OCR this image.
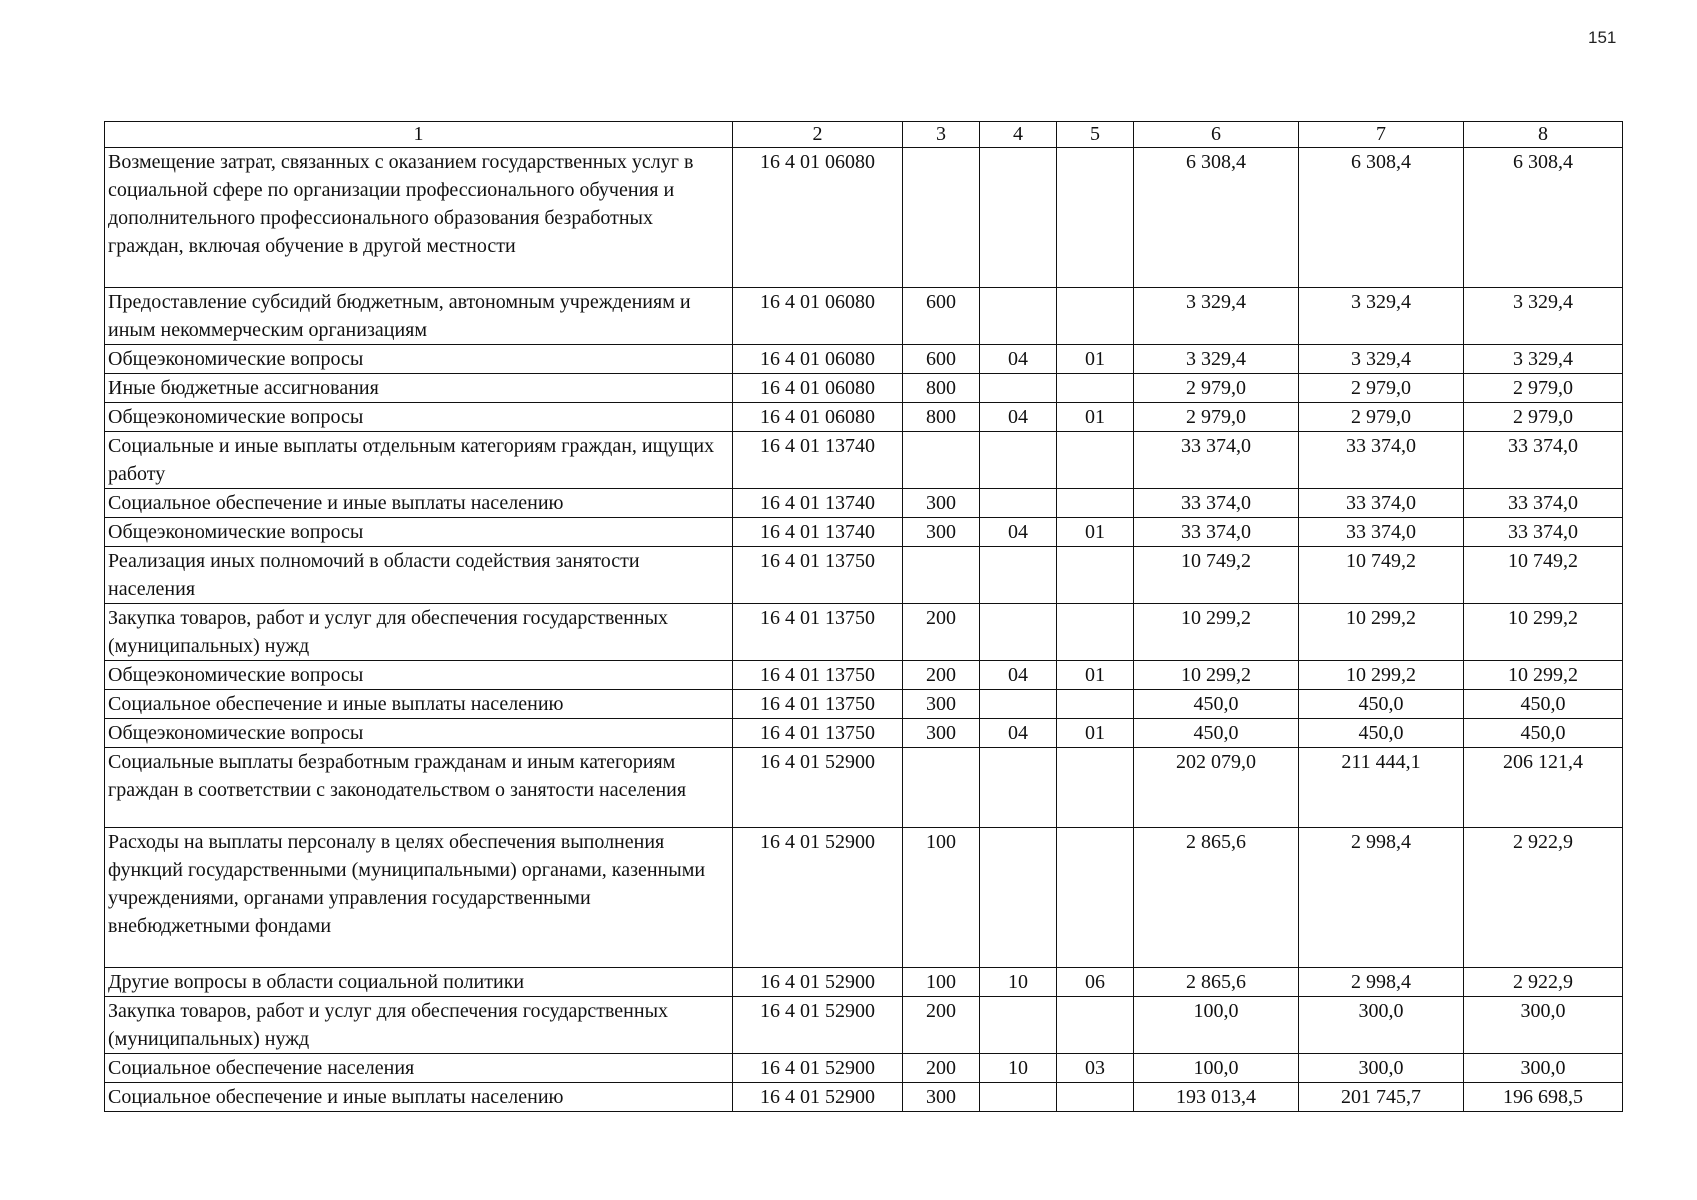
151
1	2	3	4	5	6	7	8
Возмещение затрат, связанных с оказанием государственных услуг в социальной сфере по организации профессионального обучения и дополнительного профессионального образования безработных граждан, включая обучение в другой местности	16 4 01 06080				6 308,4	6 308,4	6 308,4
Предоставление субсидий бюджетным, автономным учреждениям и иным некоммерческим организациям	16 4 01 06080	600			3 329,4	3 329,4	3 329,4
Общеэкономические вопросы	16 4 01 06080	600	04	01	3 329,4	3 329,4	3 329,4
Иные бюджетные ассигнования	16 4 01 06080	800			2 979,0	2 979,0	2 979,0
Общеэкономические вопросы	16 4 01 06080	800	04	01	2 979,0	2 979,0	2 979,0
Социальные и иные выплаты отдельным категориям граждан, ищущих работу	16 4 01 13740				33 374,0	33 374,0	33 374,0
Социальное обеспечение и иные выплаты населению	16 4 01 13740	300			33 374,0	33 374,0	33 374,0
Общеэкономические вопросы	16 4 01 13740	300	04	01	33 374,0	33 374,0	33 374,0
Реализация иных полномочий в области содействия занятости населения	16 4 01 13750				10 749,2	10 749,2	10 749,2
Закупка товаров, работ и услуг для обеспечения государственных (муниципальных) нужд	16 4 01 13750	200			10 299,2	10 299,2	10 299,2
Общеэкономические вопросы	16 4 01 13750	200	04	01	10 299,2	10 299,2	10 299,2
Социальное обеспечение и иные выплаты населению	16 4 01 13750	300			450,0	450,0	450,0
Общеэкономические вопросы	16 4 01 13750	300	04	01	450,0	450,0	450,0
Социальные выплаты безработным гражданам и иным категориям граждан в соответствии с законодательством о занятости населения	16 4 01 52900				202 079,0	211 444,1	206 121,4
Расходы на выплаты персоналу в целях обеспечения выполнения функций государственными (муниципальными) органами, казенными учреждениями, органами управления государственными внебюджетными фондами	16 4 01 52900	100			2 865,6	2 998,4	2 922,9
Другие вопросы в области социальной политики	16 4 01 52900	100	10	06	2 865,6	2 998,4	2 922,9
Закупка товаров, работ и услуг для обеспечения государственных (муниципальных) нужд	16 4 01 52900	200			100,0	300,0	300,0
Социальное обеспечение населения	16 4 01 52900	200	10	03	100,0	300,0	300,0
Социальное обеспечение и иные выплаты населению	16 4 01 52900	300			193 013,4	201 745,7	196 698,5
